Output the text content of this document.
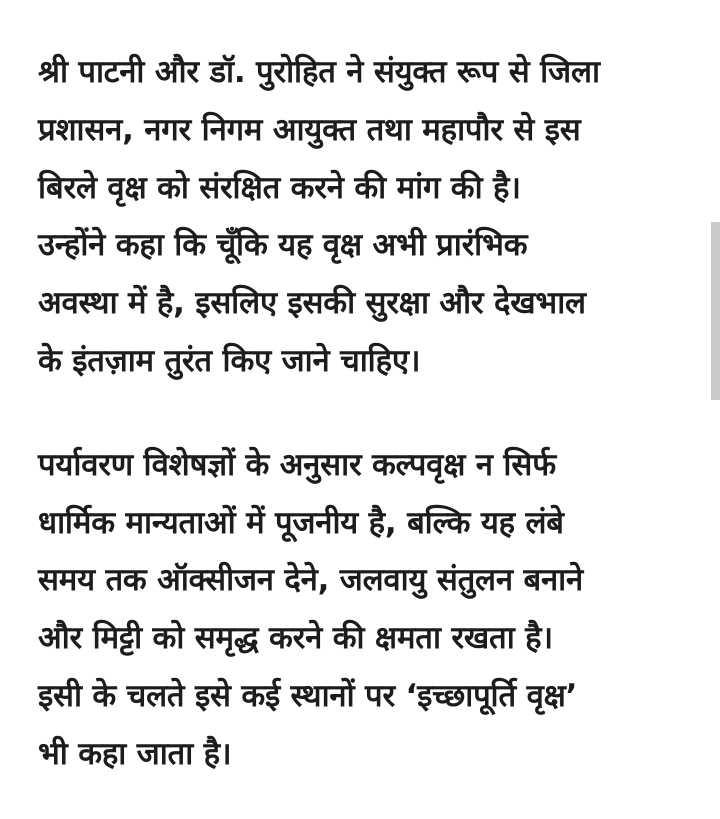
श्री पाटनी और डॉ. पुरोहित ने संयुक्त रूप से जिला
प्रशासन, नगर निगम आयुक्त तथा महापौर से इस
बिरले वृक्ष को संरक्षित करने की मांग की है।
उन्होंने कहा कि चूँकि यह वृक्ष अभी प्रारंभिक
अवस्था में है, इसलिए इसकी सुरक्षा और देखभाल
के इंतज़ाम तुरंत किए जाने चाहिए।
पर्यावरण विशेषज्ञों के अनुसार कल्पवृक्ष न सिर्फ
धार्मिक मान्यताओं में पूजनीय है, बल्कि यह लंबे
समय तक ऑक्सीजन देने, जलवायु संतुलन बनाने
और मिट्टी को समृद्ध करने की क्षमता रखता है।
इसी के चलते इसे कई स्थानों पर ‘इच्छापूर्ति वृक्ष’
भी कहा जाता है।
